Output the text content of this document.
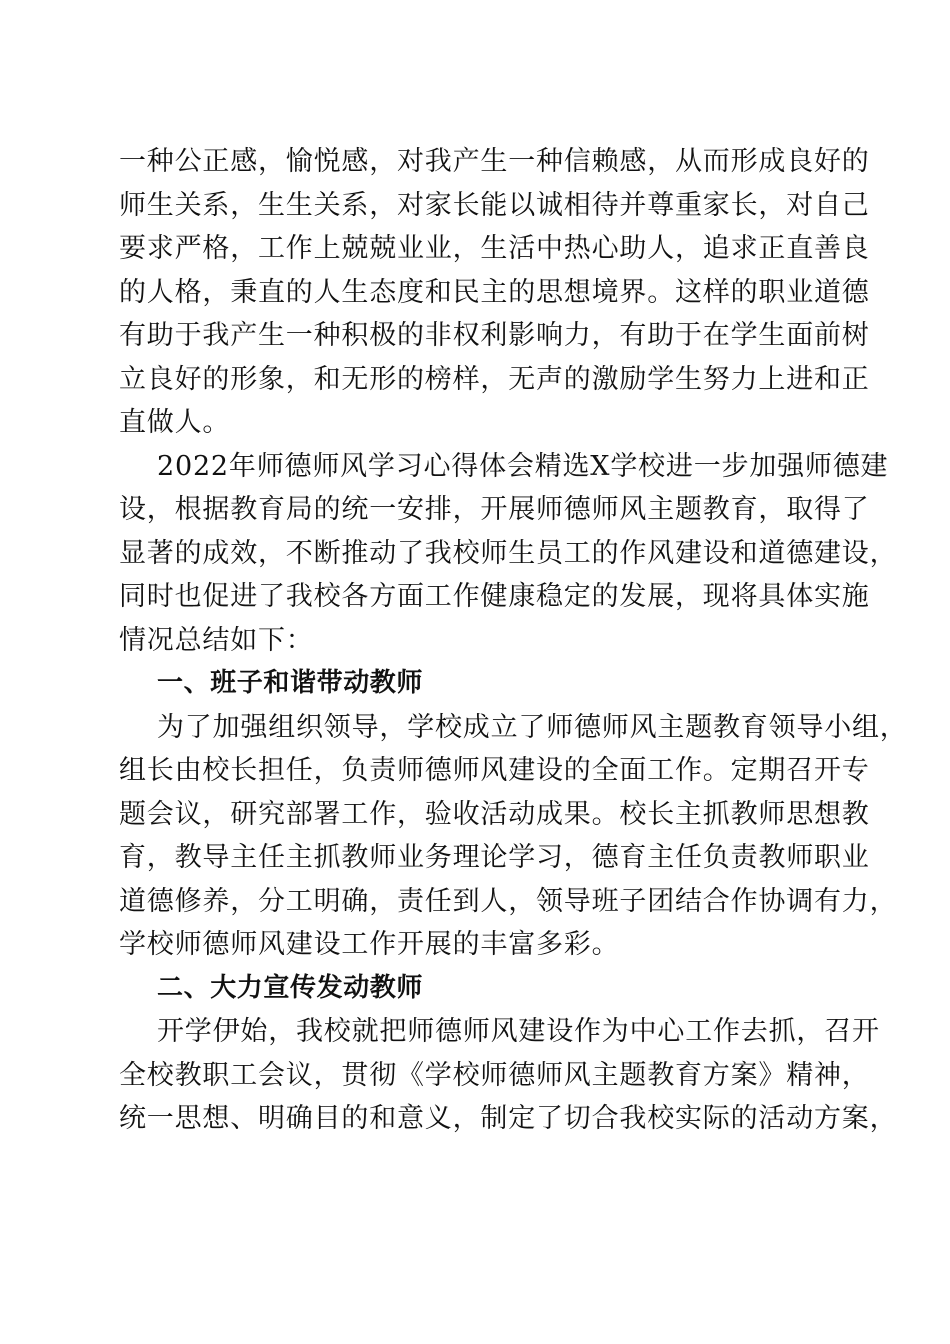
一种公正感，愉悦感，对我产生一种信赖感，从而形成良好的
师生关系，生生关系，对家长能以诚相待并尊重家长，对自己
要求严格，工作上兢兢业业，生活中热心助人，追求正直善良
的人格，秉直的人生态度和民主的思想境界。这样的职业道德
有助于我产生一种积极的非权利影响力，有助于在学生面前树
立良好的形象，和无形的榜样，无声的激励学生努力上进和正
直做人。

2022年师德师风学习心得体会精选X学校进一步加强师德建
设，根据教育局的统一安排，开展师德师风主题教育，取得了
显著的成效，不断推动了我校师生员工的作风建设和道德建设，
同时也促进了我校各方面工作健康稳定的发展，现将具体实施
情况总结如下：

一、班子和谐带动教师

为了加强组织领导，学校成立了师德师风主题教育领导小组，
组长由校长担任，负责师德师风建设的全面工作。定期召开专
题会议，研究部署工作，验收活动成果。校长主抓教师思想教
育，教导主任主抓教师业务理论学习，德育主任负责教师职业
道德修养，分工明确，责任到人，领导班子团结合作协调有力，
学校师德师风建设工作开展的丰富多彩。

二、大力宣传发动教师

开学伊始，我校就把师德师风建设作为中心工作去抓，召开
全校教职工会议，贯彻《学校师德师风主题教育方案》精神，
统一思想、明确目的和意义，制定了切合我校实际的活动方案，
